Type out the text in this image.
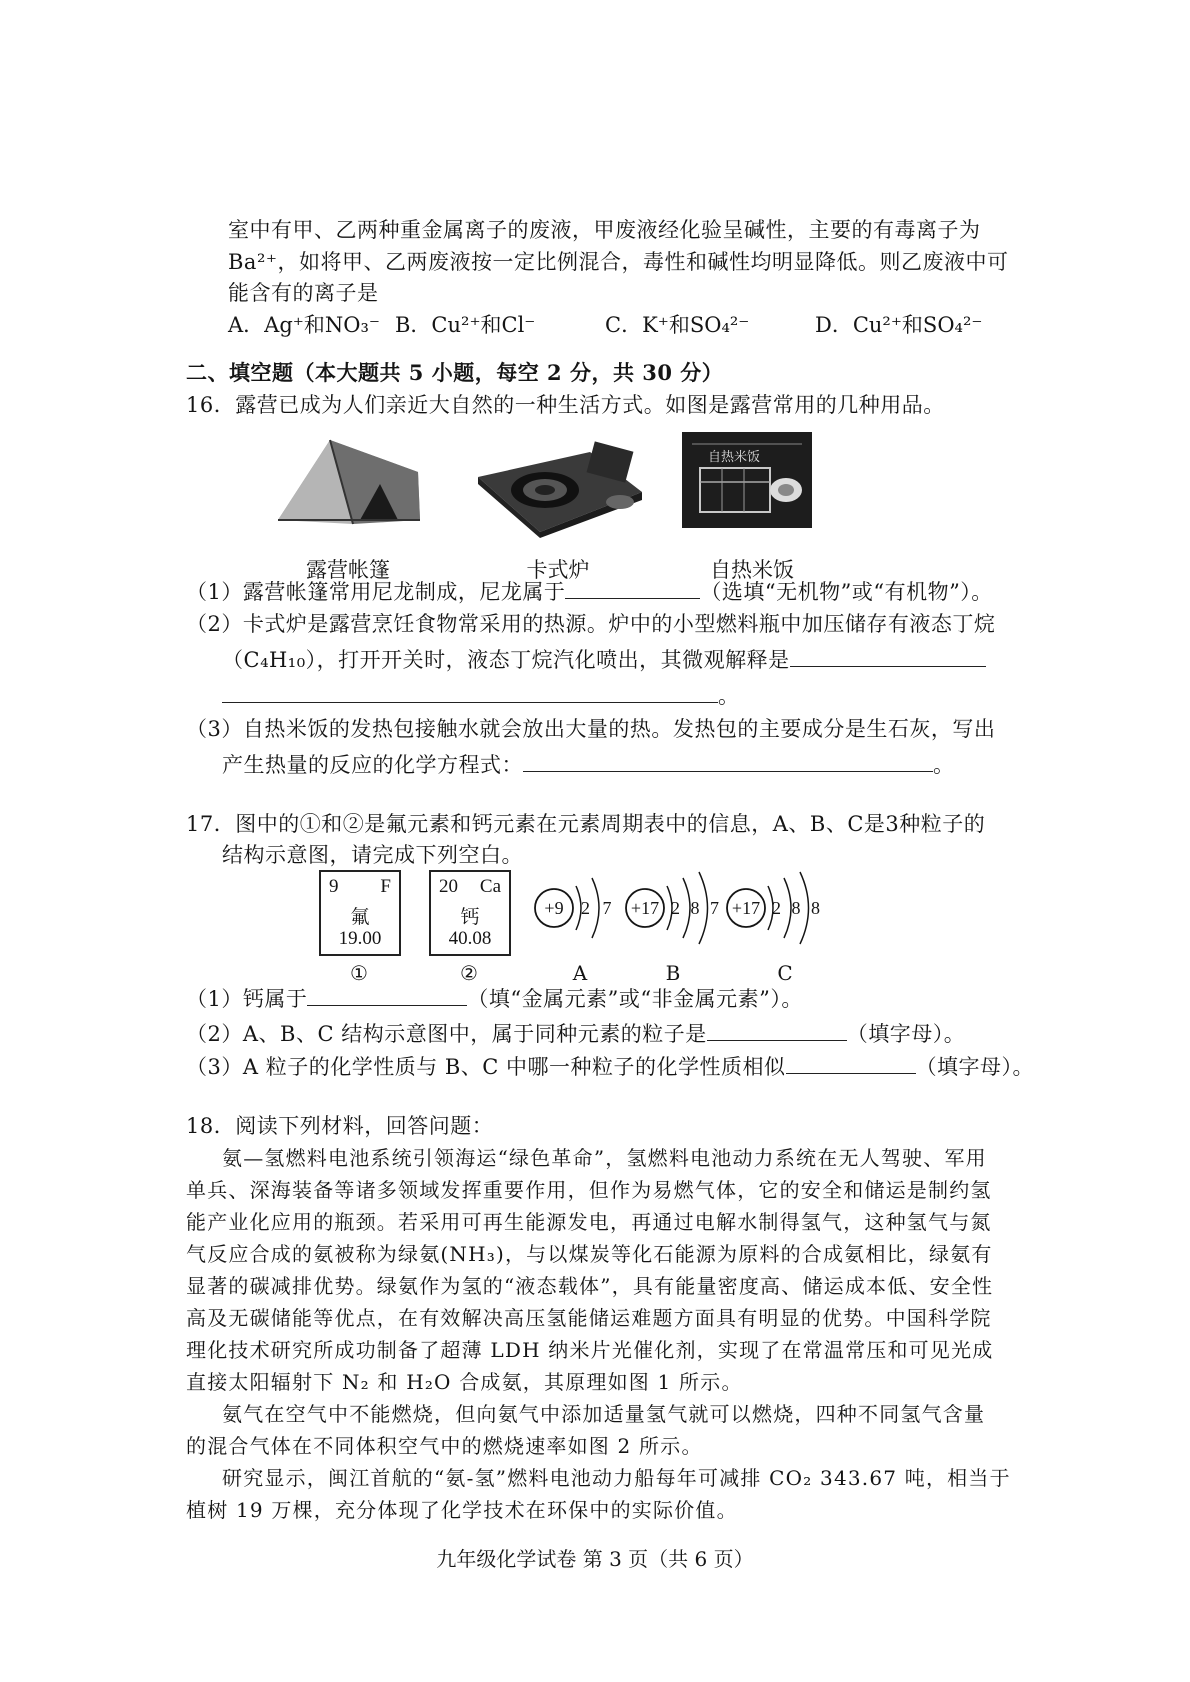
室中有甲、乙两种重金属离子的废液，甲废液经化验呈碱性，主要的有毒离子为
Ba²⁺，如将甲、乙两废液按一定比例混合，毒性和碱性均明显降低。则乙废液中可
能含有的离子是
A．Ag⁺和NO₃⁻ B．Cu²⁺和Cl⁻	C．K⁺和SO₄²⁻	D．Cu²⁺和SO₄²⁻
二、填空题（本大题共 5 小题，每空 2 分，共 30 分）
16．露营已成为人们亲近大自然的一种生活方式。如图是露营常用的几种用品。
自热米饭
露营帐篷	卡式炉	自热米饭
（1）露营帐篷常用尼龙制成，尼龙属于	（选填“无机物”或“有机物”）。
（2）卡式炉是露营烹饪食物常采用的热源。炉中的小型燃料瓶中加压储存有液态丁烷
（C₄H₁₀），打开开关时，液态丁烷汽化喷出，其微观解释是
。
（3）自热米饭的发热包接触水就会放出大量的热。发热包的主要成分是生石灰，写出
产生热量的反应的化学方程式：	。
17．图中的①和②是氟元素和钙元素在元素周期表中的信息，A、B、C是3种粒子的
结构示意图，请完成下列空白。
9 F
氟
19.00
20 Ca
钙
40.08
+9 2 7 +17 2 8 7 +17 2 8 8
①	②	A	B	C
（1）钙属于	（填“金属元素”或“非金属元素”）。
（2）A、B、C 结构示意图中，属于同种元素的粒子是	（填字母）。
（3）A 粒子的化学性质与 B、C 中哪一种粒子的化学性质相似	（填字母）。
18．阅读下列材料，回答问题：
氨—氢燃料电池系统引领海运“绿色革命”，氢燃料电池动力系统在无人驾驶、军用
单兵、深海装备等诸多领域发挥重要作用，但作为易燃气体，它的安全和储运是制约氢
能产业化应用的瓶颈。若采用可再生能源发电，再通过电解水制得氢气，这种氢气与氮
气反应合成的氨被称为绿氨(NH₃)，与以煤炭等化石能源为原料的合成氨相比，绿氨有
显著的碳减排优势。绿氨作为氢的“液态载体”，具有能量密度高、储运成本低、安全性
高及无碳储能等优点，在有效解决高压氢能储运难题方面具有明显的优势。中国科学院
理化技术研究所成功制备了超薄 LDH 纳米片光催化剂，实现了在常温常压和可见光成
直接太阳辐射下 N₂ 和 H₂O 合成氨，其原理如图 1 所示。
氨气在空气中不能燃烧，但向氨气中添加适量氢气就可以燃烧，四种不同氢气含量
的混合气体在不同体积空气中的燃烧速率如图 2 所示。
研究显示，闽江首航的“氨-氢”燃料电池动力船每年可减排 CO₂ 343.67 吨，相当于
植树 19 万棵，充分体现了化学技术在环保中的实际价值。
九年级化学试卷 第 3 页（共 6 页）
